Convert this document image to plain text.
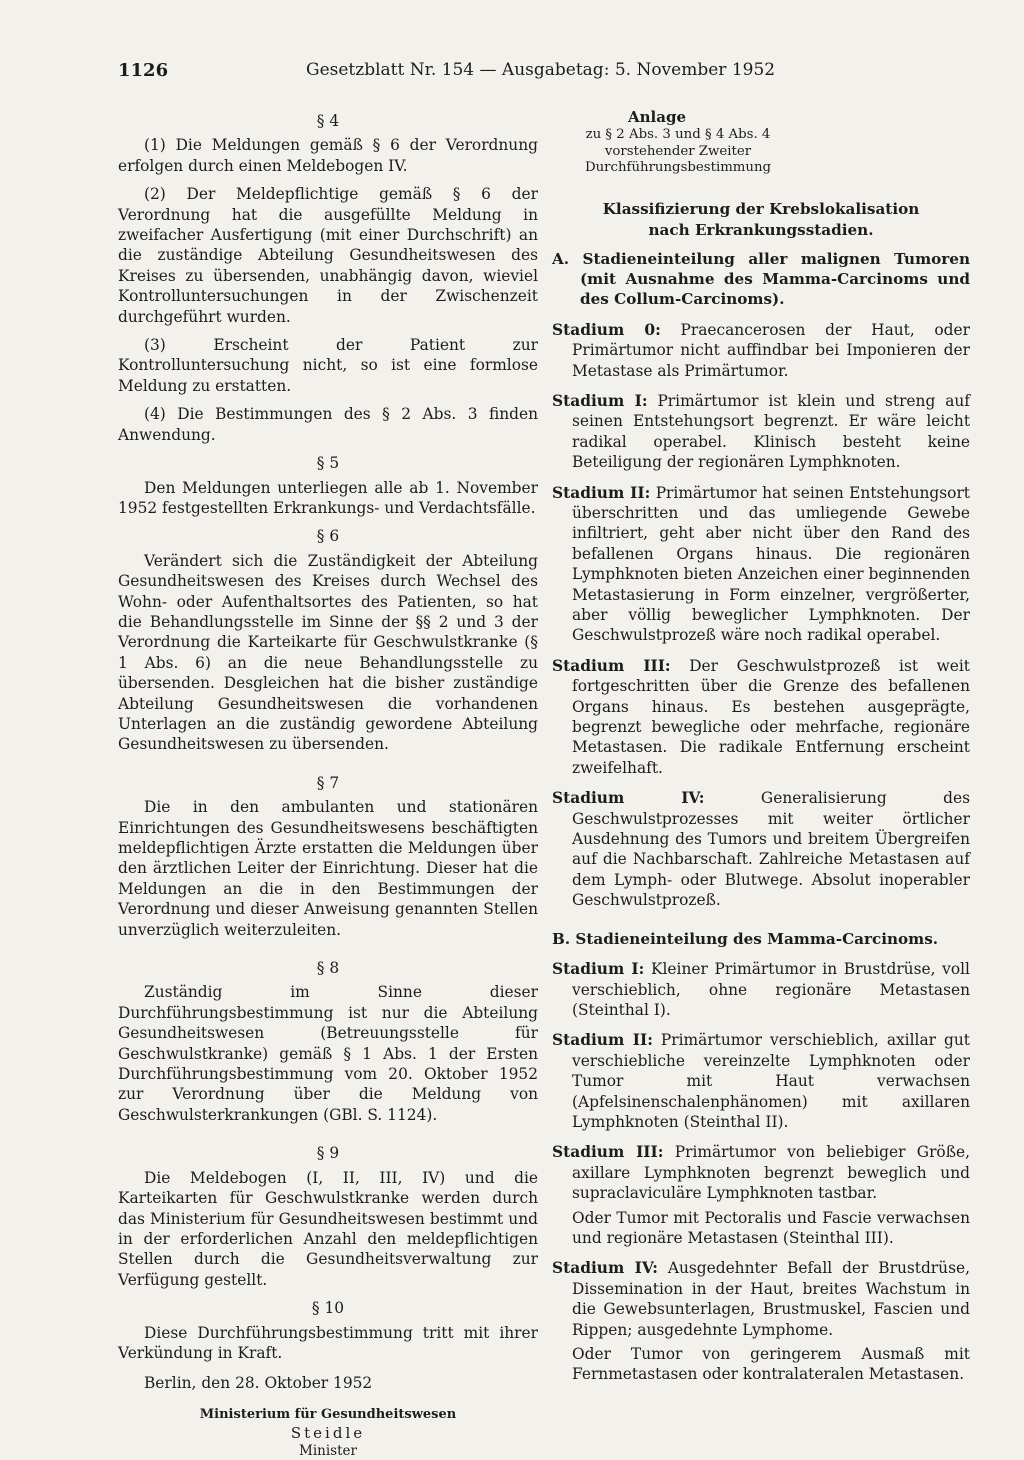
1126	Gesetzblatt Nr. 154 — Ausgabetag: 5. November 1952
§ 4

(1) Die Meldungen gemäß § 6 der Verordnung erfolgen durch einen Meldebogen IV.

(2) Der Meldepflichtige gemäß § 6 der Verordnung hat die ausgefüllte Meldung in zweifacher Ausfertigung (mit einer Durchschrift) an die zuständige Abteilung Gesundheitswesen des Kreises zu übersenden, unabhängig davon, wieviel Kontrolluntersuchungen in der Zwischenzeit durchgeführt wurden.

(3) Erscheint der Patient zur Kontrolluntersuchung nicht, so ist eine formlose Meldung zu erstatten.

(4) Die Bestimmungen des § 2 Abs. 3 finden Anwendung.

§ 5

Den Meldungen unterliegen alle ab 1. November 1952 festgestellten Erkrankungs- und Verdachtsfälle.

§ 6

Verändert sich die Zuständigkeit der Abteilung Gesundheitswesen des Kreises durch Wechsel des Wohn- oder Aufenthaltsortes des Patienten, so hat die Behandlungsstelle im Sinne der §§ 2 und 3 der Verordnung die Karteikarte für Geschwulstkranke (§ 1 Abs. 6) an die neue Behandlungsstelle zu übersenden. Desgleichen hat die bisher zuständige Abteilung Gesundheitswesen die vorhandenen Unterlagen an die zuständig gewordene Abteilung Gesundheitswesen zu übersenden.

§ 7

Die in den ambulanten und stationären Einrichtungen des Gesundheitswesens beschäftigten meldepflichtigen Ärzte erstatten die Meldungen über den ärztlichen Leiter der Einrichtung. Dieser hat die Meldungen an die in den Bestimmungen der Verordnung und dieser Anweisung genannten Stellen unverzüglich weiterzuleiten.

§ 8

Zuständig im Sinne dieser Durchführungsbestimmung ist nur die Abteilung Gesundheitswesen (Betreuungsstelle für Geschwulstkranke) gemäß § 1 Abs. 1 der Ersten Durchführungsbestimmung vom 20. Oktober 1952 zur Verordnung über die Meldung von Geschwulsterkrankungen (GBl. S. 1124).

§ 9

Die Meldebogen (I, II, III, IV) und die Karteikarten für Geschwulstkranke werden durch das Ministerium für Gesundheitswesen bestimmt und in der erforderlichen Anzahl den meldepflichtigen Stellen durch die Gesundheitsverwaltung zur Verfügung gestellt.

§ 10

Diese Durchführungsbestimmung tritt mit ihrer Verkündung in Kraft.

Berlin, den 28. Oktober 1952

Ministerium für Gesundheitswesen
Steidle
Minister
Anlage
zu § 2 Abs. 3 und § 4 Abs. 4 vorstehender Zweiter Durchführungsbestimmung
Klassifizierung der Krebslokalisation
nach Erkrankungsstadien.
A. Stadieneinteilung aller malignen Tumoren (mit Ausnahme des Mamma-Carcinoms und des Collum-Carcinoms).
Stadium 0: Praecancerosen der Haut, oder Primärtumor nicht auffindbar bei Imponieren der Metastase als Primärtumor.
Stadium I: Primärtumor ist klein und streng auf seinen Entstehungsort begrenzt. Er wäre leicht radikal operabel. Klinisch besteht keine Beteiligung der regionären Lymphknoten.
Stadium II: Primärtumor hat seinen Entstehungsort überschritten und das umliegende Gewebe infiltriert, geht aber nicht über den Rand des befallenen Organs hinaus. Die regionären Lymphknoten bieten Anzeichen einer beginnenden Metastasierung in Form einzelner, vergrößerter, aber völlig beweglicher Lymphknoten. Der Geschwulstprozeß wäre noch radikal operabel.
Stadium III: Der Geschwulstprozeß ist weit fortgeschritten über die Grenze des befallenen Organs hinaus. Es bestehen ausgeprägte, begrenzt bewegliche oder mehrfache, regionäre Metastasen. Die radikale Entfernung erscheint zweifelhaft.
Stadium IV:	Generalisierung des Geschwulstprozesses mit weiter örtlicher Ausdehnung des Tumors und breitem Übergreifen auf die Nachbarschaft. Zahlreiche Metastasen auf dem Lymph- oder Blutwege. Absolut inoperabler Geschwulstprozeß.
B. Stadieneinteilung des Mamma-Carcinoms.
Stadium I: Kleiner Primärtumor in Brustdrüse, voll verschieblich, ohne regionäre Metastasen (Steinthal I).
Stadium II: Primärtumor verschieblich, axillar gut verschiebliche vereinzelte Lymphknoten oder Tumor mit Haut verwachsen (Apfelsinenschalenphänomen) mit axillaren Lymphknoten (Steinthal II).
Stadium III: Primärtumor von beliebiger Größe, axillare Lymphknoten begrenzt beweglich und supraclaviculäre Lymphknoten tastbar.

Oder Tumor mit Pectoralis und Fascie verwachsen und regionäre Metastasen (Steinthal III).

Stadium IV: Ausgedehnter Befall der Brustdrüse, Dissemination in der Haut, breites Wachstum in die Gewebsunterlagen, Brustmuskel, Fascien und Rippen; ausgedehnte Lymphome.

Oder Tumor von geringerem Ausmaß mit Fernmetastasen oder kontralateralen Metastasen.
